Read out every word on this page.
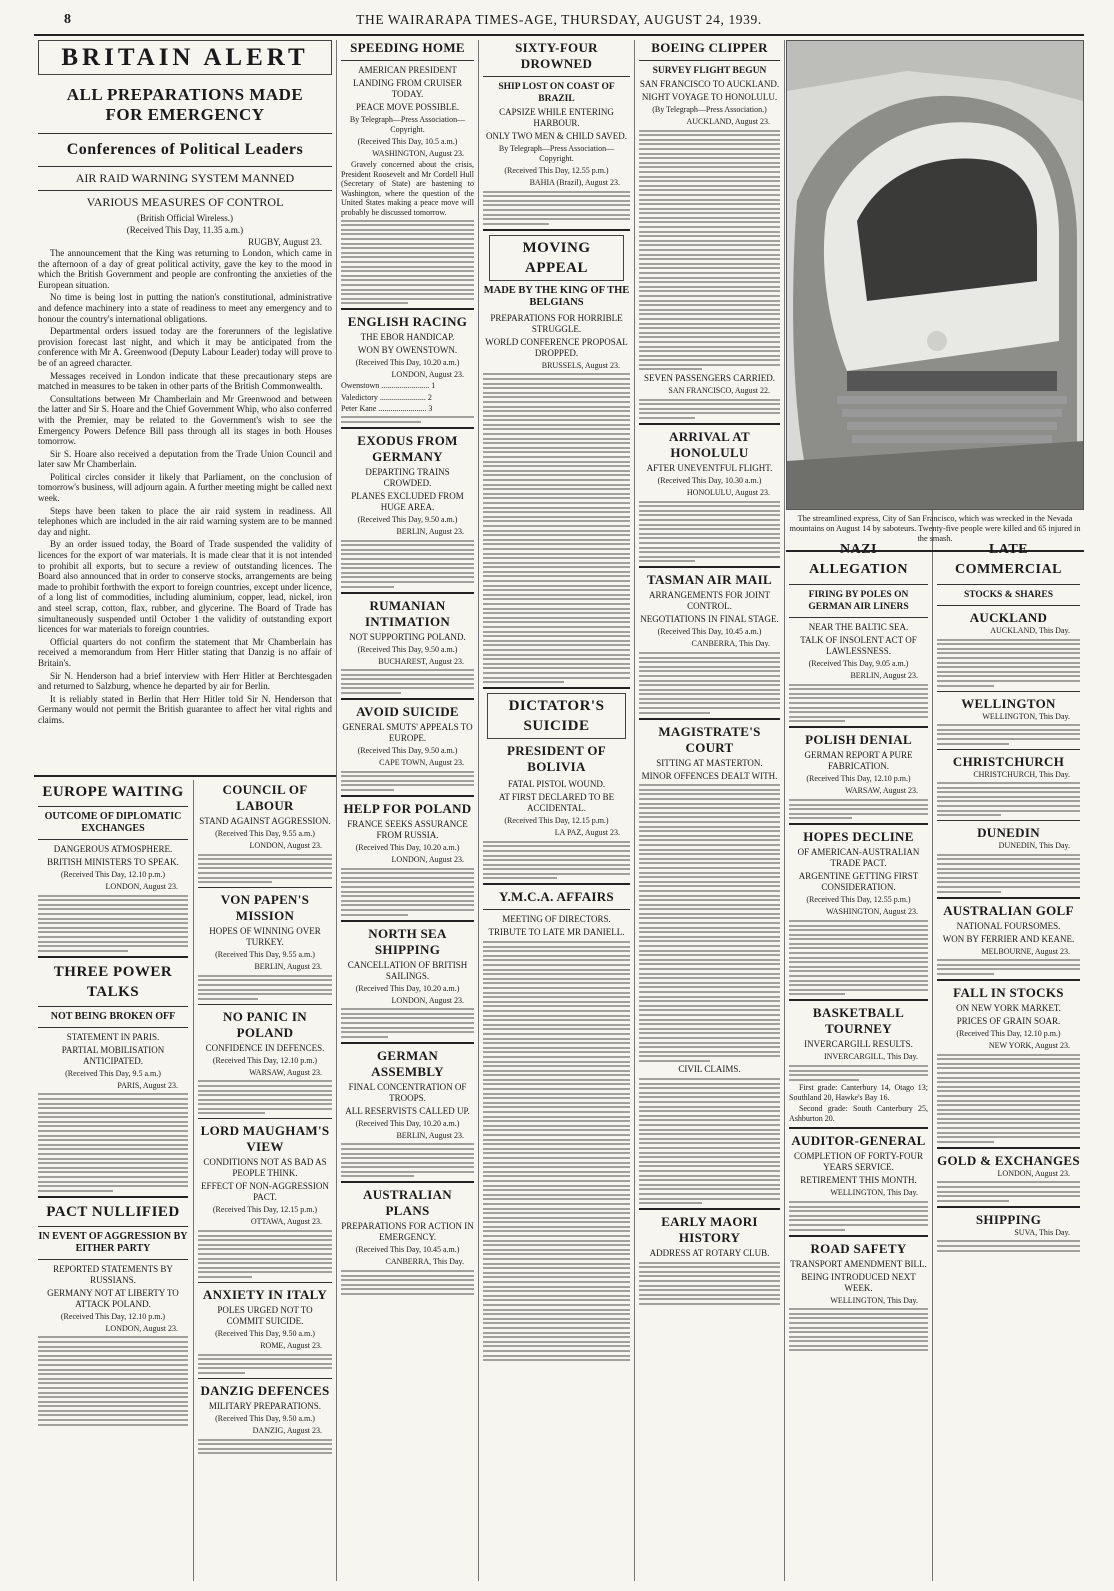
8	THE WAIRARAPA TIMES-AGE, THURSDAY, AUGUST 24, 1939.
BRITAIN ALERT
ALL PREPARATIONS MADE FOR EMERGENCY
Conferences of Political Leaders
AIR RAID WARNING SYSTEM MANNED
VARIOUS MEASURES OF CONTROL
(British Official Wireless.)
(Received This Day, 11.35 a.m.)
RUGBY, August 23.

The announcement that the King was returning to London, which came in the afternoon of a day of great political activity, gave the key to the mood in which the British Government and people are confronting the anxieties of the European situation.

No time is being lost in putting the nation's constitutional, administrative and defence machinery into a state of readiness to meet any emergency and to honour the country's international obligations.

Departmental orders issued today are the forerunners of the legislative provision forecast last night, and which it may be anticipated from the conference with Mr A. Greenwood (Deputy Labour Leader) today will prove to be of an agreed character.

Messages received in London indicate that these precautionary steps are matched in measures to be taken in other parts of the British Commonwealth.

Consultations between Mr Chamberlain and Mr Greenwood and between the latter and Sir S. Hoare and the Chief Government Whip, who also conferred with the Premier, may be related to the Government's wish to see the Emergency Powers Defence Bill pass through all its stages in both Houses tomorrow.

Sir S. Hoare also received a deputation from the Trade Union Council and later saw Mr Chamberlain.

Political circles consider it likely that Parliament, on the conclusion of tomorrow's business, will adjourn again. A further meeting might be called next week.

Steps have been taken to place the air raid system in readiness. All telephones which are included in the air raid warning system are to be manned day and night.

By an order issued today, the Board of Trade suspended the validity of licences for the export of war materials. It is made clear that it is not intended to prohibit all exports, but to secure a review of outstanding licences. The Board also announced that in order to conserve stocks, arrangements are being made to prohibit forthwith the export to foreign countries, except under licence, of a long list of commodities, including aluminium, copper, lead, nickel, iron and steel scrap, cotton, flax, rubber, and glycerine. The Board of Trade has simultaneously suspended until October 1 the validity of outstanding export licences for war materials to foreign countries.

Official quarters do not confirm the statement that Mr Chamberlain has received a memorandum from Herr Hitler stating that Danzig is no affair of Britain's.

Sir N. Henderson had a brief interview with Herr Hitler at Berchtesgaden and returned to Salzburg, whence he departed by air for Berlin.

It is reliably stated in Berlin that Herr Hitler told Sir N. Henderson that Germany would not permit the British guarantee to affect her vital rights and claims.

EUROPE WAITING
OUTCOME OF DIPLOMATIC EXCHANGES
DANGEROUS ATMOSPHERE.
BRITISH MINISTERS TO SPEAK.
(Received This Day, 12.10 p.m.)
LONDON, August 23.
THREE POWER TALKS
NOT BEING BROKEN OFF
STATEMENT IN PARIS.
PARTIAL MOBILISATION ANTICIPATED.
(Received This Day, 9.5 a.m.)
PARIS, August 23.
PACT NULLIFIED
IN EVENT OF AGGRESSION BY EITHER PARTY
REPORTED STATEMENTS BY RUSSIANS.
GERMANY NOT AT LIBERTY TO ATTACK POLAND.
(Received This Day, 12.10 p.m.)
LONDON, August 23.
COUNCIL OF LABOUR
STAND AGAINST AGGRESSION.
(Received This Day, 9.55 a.m.)
LONDON, August 23.
VON PAPEN'S MISSION
HOPES OF WINNING OVER TURKEY.
(Received This Day, 9.55 a.m.)
BERLIN, August 23.
NO PANIC IN POLAND
CONFIDENCE IN DEFENCES.
(Received This Day, 12.10 p.m.)
WARSAW, August 23.
LORD MAUGHAM'S VIEW
CONDITIONS NOT AS BAD AS PEOPLE THINK.
EFFECT OF NON-AGGRESSION PACT.
(Received This Day, 12.15 p.m.)
OTTAWA, August 23.
ANXIETY IN ITALY
POLES URGED NOT TO COMMIT SUICIDE.
(Received This Day, 9.50 a.m.)
ROME, August 23.
DANZIG DEFENCES
MILITARY PREPARATIONS.
(Received This Day, 9.50 a.m.)
DANZIG, August 23.
SPEEDING HOME
AMERICAN PRESIDENT
LANDING FROM CRUISER TODAY.
PEACE MOVE POSSIBLE.
By Telegraph—Press Association—Copyright.
(Received This Day, 10.5 a.m.)
WASHINGTON, August 23.

Gravely concerned about the crisis, President Roosevelt and Mr Cordell Hull (Secretary of State) are hastening to Washington, where the question of the United States making a peace move will probably be discussed tomorrow.

ENGLISH RACING
THE EBOR HANDICAP.
WON BY OWENSTOWN.
(Received This Day, 10.20 a.m.)
LONDON, August 23.
Owenstown ........................ 1
Valedictory ....................... 2
Peter Kane ........................ 3
EXODUS FROM GERMANY
DEPARTING TRAINS CROWDED.
PLANES EXCLUDED FROM HUGE AREA.
(Received This Day, 9.50 a.m.)
BERLIN, August 23.
RUMANIAN INTIMATION
NOT SUPPORTING POLAND.
(Received This Day, 9.50 a.m.)
BUCHAREST, August 23.
AVOID SUICIDE
GENERAL SMUTS' APPEALS TO EUROPE.
(Received This Day, 9.50 a.m.)
CAPE TOWN, August 23.
HELP FOR POLAND
FRANCE SEEKS ASSURANCE FROM RUSSIA.
(Received This Day, 10.20 a.m.)
LONDON, August 23.
NORTH SEA SHIPPING
CANCELLATION OF BRITISH SAILINGS.
(Received This Day, 10.20 a.m.)
LONDON, August 23.
GERMAN ASSEMBLY
FINAL CONCENTRATION OF TROOPS.
ALL RESERVISTS CALLED UP.
(Received This Day, 10.20 a.m.)
BERLIN, August 23.
AUSTRALIAN PLANS
PREPARATIONS FOR ACTION IN EMERGENCY.
(Received This Day, 10.45 a.m.)
CANBERRA, This Day.
SIXTY-FOUR DROWNED
SHIP LOST ON COAST OF BRAZIL
CAPSIZE WHILE ENTERING HARBOUR.
ONLY TWO MEN & CHILD SAVED.
By Telegraph—Press Association—Copyright.
(Received This Day, 12.55 p.m.)
BAHIA (Brazil), August 23.
MOVING APPEAL
MADE BY THE KING OF THE BELGIANS
PREPARATIONS FOR HORRIBLE STRUGGLE.
WORLD CONFERENCE PROPOSAL DROPPED.
BRUSSELS, August 23.
DICTATOR'S SUICIDE
PRESIDENT OF BOLIVIA
FATAL PISTOL WOUND.
AT FIRST DECLARED TO BE ACCIDENTAL.
(Received This Day, 12.15 p.m.)
LA PAZ, August 23.
Y.M.C.A. AFFAIRS
MEETING OF DIRECTORS.
TRIBUTE TO LATE MR DANIELL.
BOEING CLIPPER
SURVEY FLIGHT BEGUN
SAN FRANCISCO TO AUCKLAND.
NIGHT VOYAGE TO HONOLULU.
(By Telegraph—Press Association.)
AUCKLAND, August 23.
SEVEN PASSENGERS CARRIED.
SAN FRANCISCO, August 22.
ARRIVAL AT HONOLULU
AFTER UNEVENTFUL FLIGHT.
(Received This Day, 10.30 a.m.)
HONOLULU, August 23.
TASMAN AIR MAIL
ARRANGEMENTS FOR JOINT CONTROL.
NEGOTIATIONS IN FINAL STAGE.
(Received This Day, 10.45 a.m.)
CANBERRA, This Day.
MAGISTRATE'S COURT
SITTING AT MASTERTON.
MINOR OFFENCES DEALT WITH.
CIVIL CLAIMS.
EARLY MAORI HISTORY
ADDRESS AT ROTARY CLUB.
The streamlined express, City of San Francisco, which was wrecked in the Nevada mountains on August 14 by saboteurs. Twenty-five people were killed and 65 injured in the smash.
NAZI ALLEGATION
FIRING BY POLES ON GERMAN AIR LINERS
NEAR THE BALTIC SEA.
TALK OF INSOLENT ACT OF LAWLESSNESS.
(Received This Day, 9.05 a.m.)
BERLIN, August 23.
POLISH DENIAL
GERMAN REPORT A PURE FABRICATION.
(Received This Day, 12.10 p.m.)
WARSAW, August 23.
HOPES DECLINE
OF AMERICAN-AUSTRALIAN TRADE PACT.
ARGENTINE GETTING FIRST CONSIDERATION.
(Received This Day, 12.55 p.m.)
WASHINGTON, August 23.
BASKETBALL TOURNEY
INVERCARGILL RESULTS.
INVERCARGILL, This Day.

First grade: Canterbury 14, Otago 13; Southland 20, Hawke's Bay 16.

Second grade: South Canterbury 25, Ashburton 20.

AUDITOR-GENERAL
COMPLETION OF FORTY-FOUR YEARS SERVICE.
RETIREMENT THIS MONTH.
WELLINGTON, This Day.
ROAD SAFETY
TRANSPORT AMENDMENT BILL.
BEING INTRODUCED NEXT WEEK.
WELLINGTON, This Day.
LATE COMMERCIAL
STOCKS & SHARES
AUCKLAND
AUCKLAND, This Day.
WELLINGTON
WELLINGTON, This Day.
CHRISTCHURCH
CHRISTCHURCH, This Day.
DUNEDIN
DUNEDIN, This Day.
AUSTRALIAN GOLF
NATIONAL FOURSOMES.
WON BY FERRIER AND KEANE.
MELBOURNE, August 23.
FALL IN STOCKS
ON NEW YORK MARKET.
PRICES OF GRAIN SOAR.
(Received This Day, 12.10 p.m.)
NEW YORK, August 23.
GOLD & EXCHANGES
LONDON, August 23.
SHIPPING
SUVA, This Day.
